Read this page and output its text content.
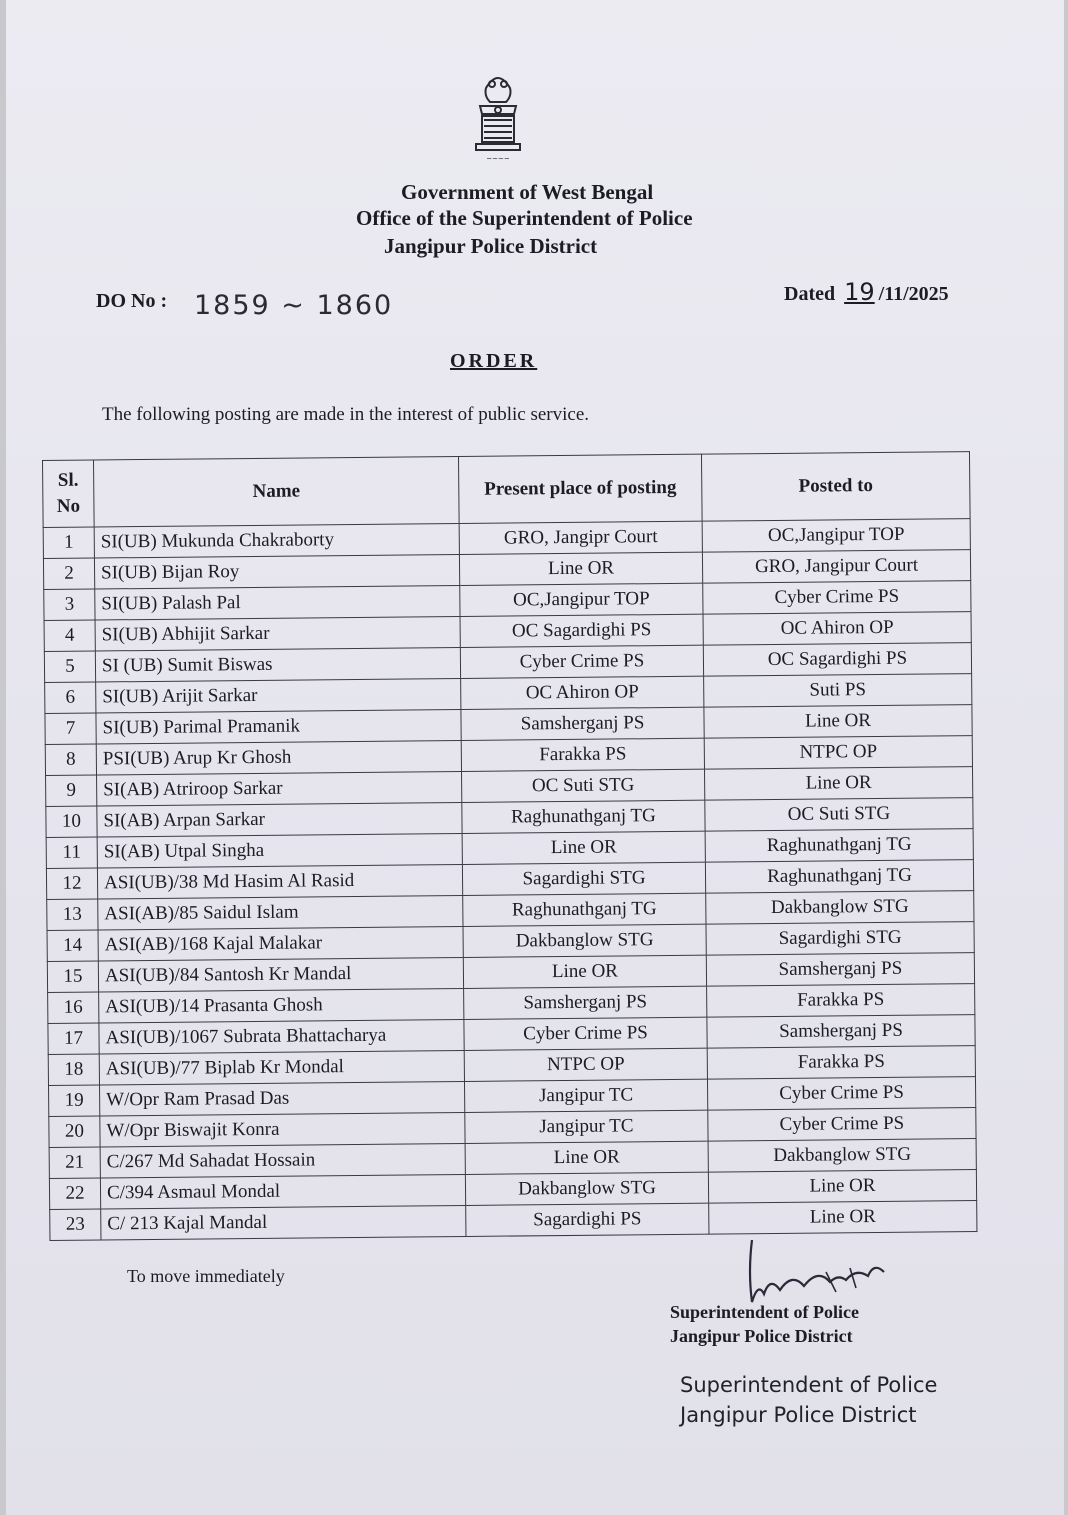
~~~~
Government of West Bengal
Office of the Superintendent of Police
Jangipur Police District
DO No : 1859 ~ 1860	Dated 19 /11/2025
ORDER
The following posting are made in the interest of public service.
Sl. No	Name	Present place of posting	Posted to
1	SI(UB) Mukunda Chakraborty	GRO, Jangipr Court	OC,Jangipur TOP
2	SI(UB) Bijan Roy	Line OR	GRO, Jangipur Court
3	SI(UB) Palash Pal	OC,Jangipur TOP	Cyber Crime PS
4	SI(UB) Abhijit Sarkar	OC Sagardighi PS	OC Ahiron OP
5	SI (UB) Sumit Biswas	Cyber Crime PS	OC Sagardighi PS
6	SI(UB) Arijit Sarkar	OC Ahiron OP	Suti PS
7	SI(UB) Parimal Pramanik	Samsherganj PS	Line OR
8	PSI(UB) Arup Kr Ghosh	Farakka PS	NTPC OP
9	SI(AB) Atriroop Sarkar	OC Suti STG	Line OR
10	SI(AB) Arpan Sarkar	Raghunathganj TG	OC Suti STG
11	SI(AB) Utpal Singha	Line OR	Raghunathganj TG
12	ASI(UB)/38 Md Hasim Al Rasid	Sagardighi STG	Raghunathganj TG
13	ASI(AB)/85 Saidul Islam	Raghunathganj TG	Dakbanglow STG
14	ASI(AB)/168 Kajal Malakar	Dakbanglow STG	Sagardighi STG
15	ASI(UB)/84 Santosh Kr Mandal	Line OR	Samsherganj PS
16	ASI(UB)/14 Prasanta Ghosh	Samsherganj PS	Farakka PS
17	ASI(UB)/1067 Subrata Bhattacharya	Cyber Crime PS	Samsherganj PS
18	ASI(UB)/77 Biplab Kr Mondal	NTPC OP	Farakka PS
19	W/Opr Ram Prasad Das	Jangipur TC	Cyber Crime PS
20	W/Opr Biswajit Konra	Jangipur TC	Cyber Crime PS
21	C/267 Md Sahadat Hossain	Line OR	Dakbanglow STG
22	C/394 Asmaul Mondal	Dakbanglow STG	Line OR
23	C/ 213 Kajal Mandal	Sagardighi PS	Line OR
To move immediately
Superintendent of Police
Jangipur Police District
Superintendent of Police
Jangipur Police District
